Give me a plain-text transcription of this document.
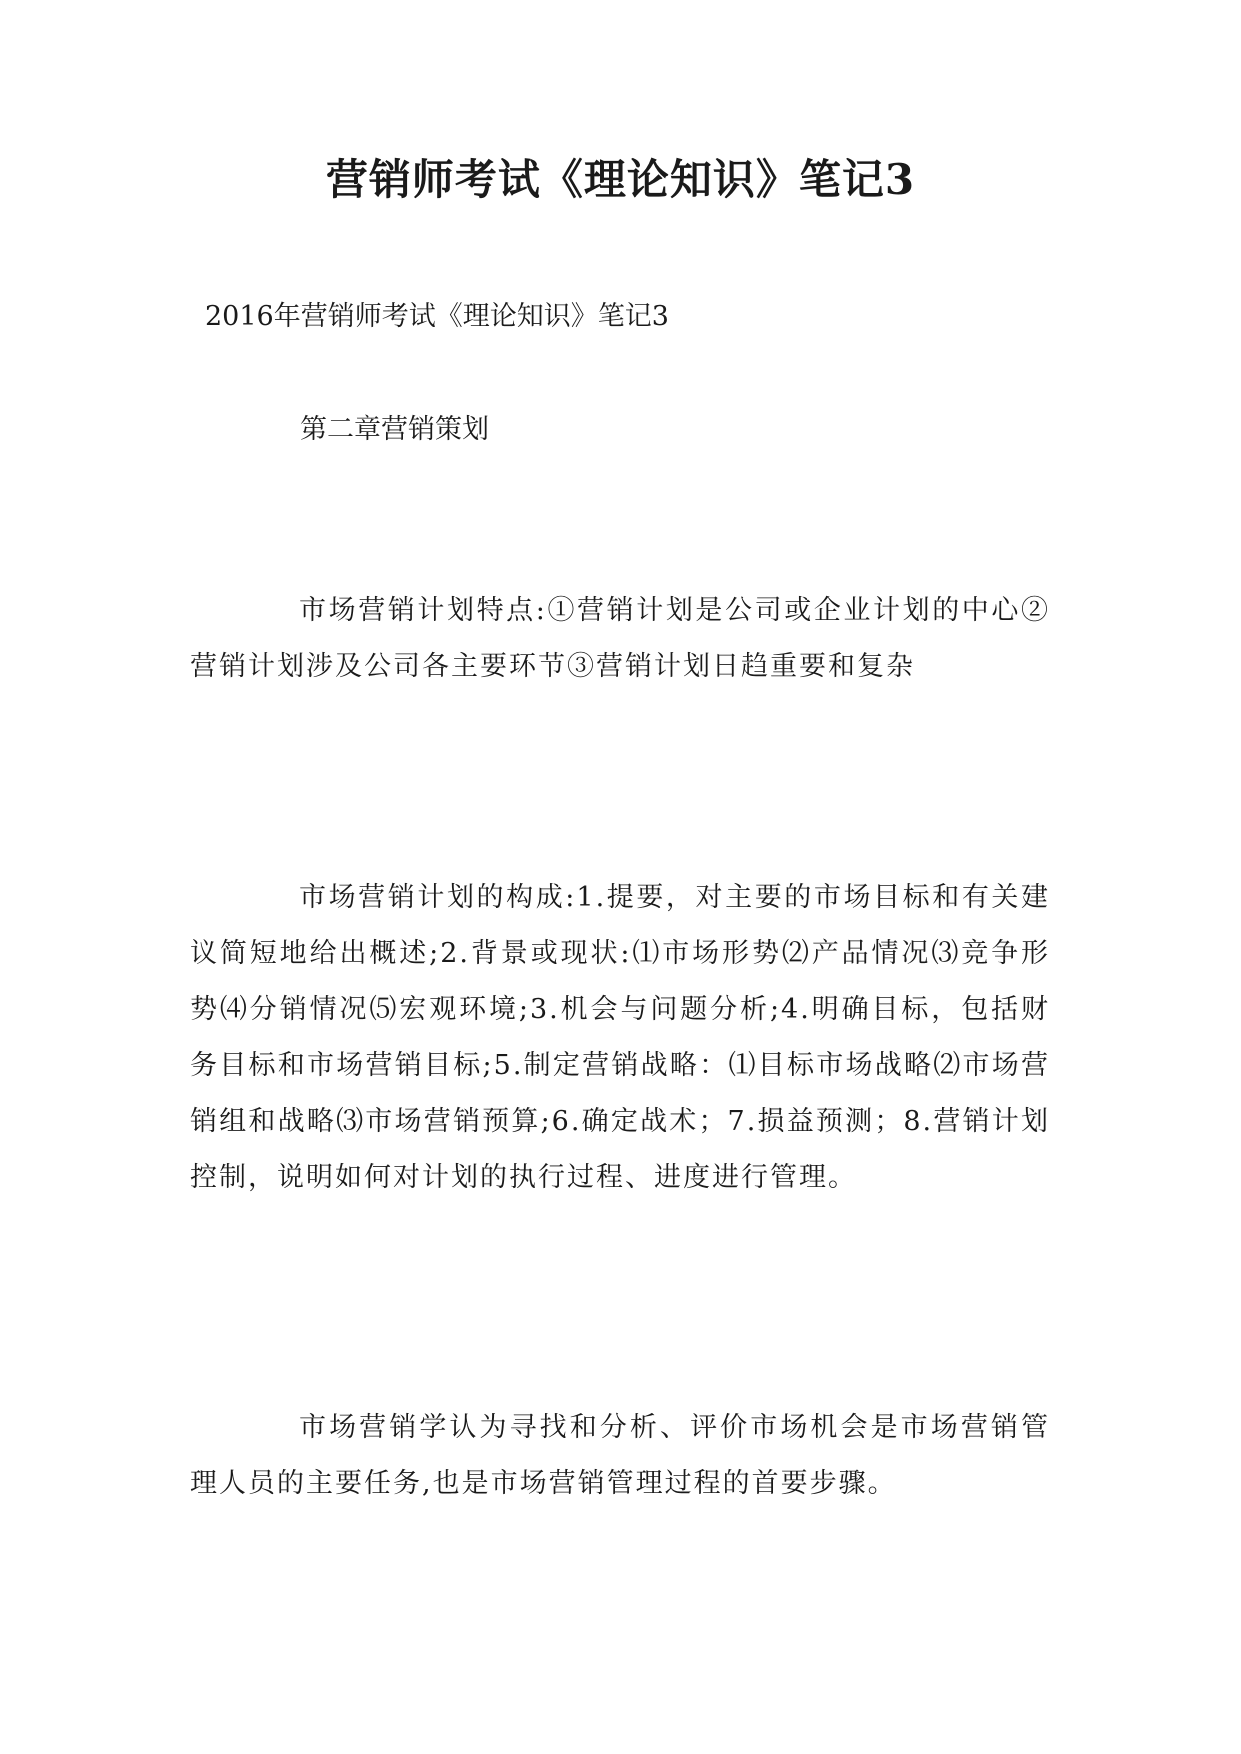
营销师考试《理论知识》笔记3

2016年营销师考试《理论知识》笔记3

第二章营销策划

市场营销计划特点:①营销计划是公司或企业计划的中心②营销计划涉及公司各主要环节③营销计划日趋重要和复杂

市场营销计划的构成:1.提要，对主要的市场目标和有关建议简短地给出概述;2.背景或现状:⑴市场形势⑵产品情况⑶竞争形势⑷分销情况⑸宏观环境;3.机会与问题分析;4.明确目标，包括财务目标和市场营销目标;5.制定营销战略：⑴目标市场战略⑵市场营销组和战略⑶市场营销预算;6.确定战术；7.损益预测；8.营销计划控制，说明如何对计划的执行过程、进度进行管理。

市场营销学认为寻找和分析、评价市场机会是市场营销管理人员的主要任务,也是市场营销管理过程的首要步骤。
